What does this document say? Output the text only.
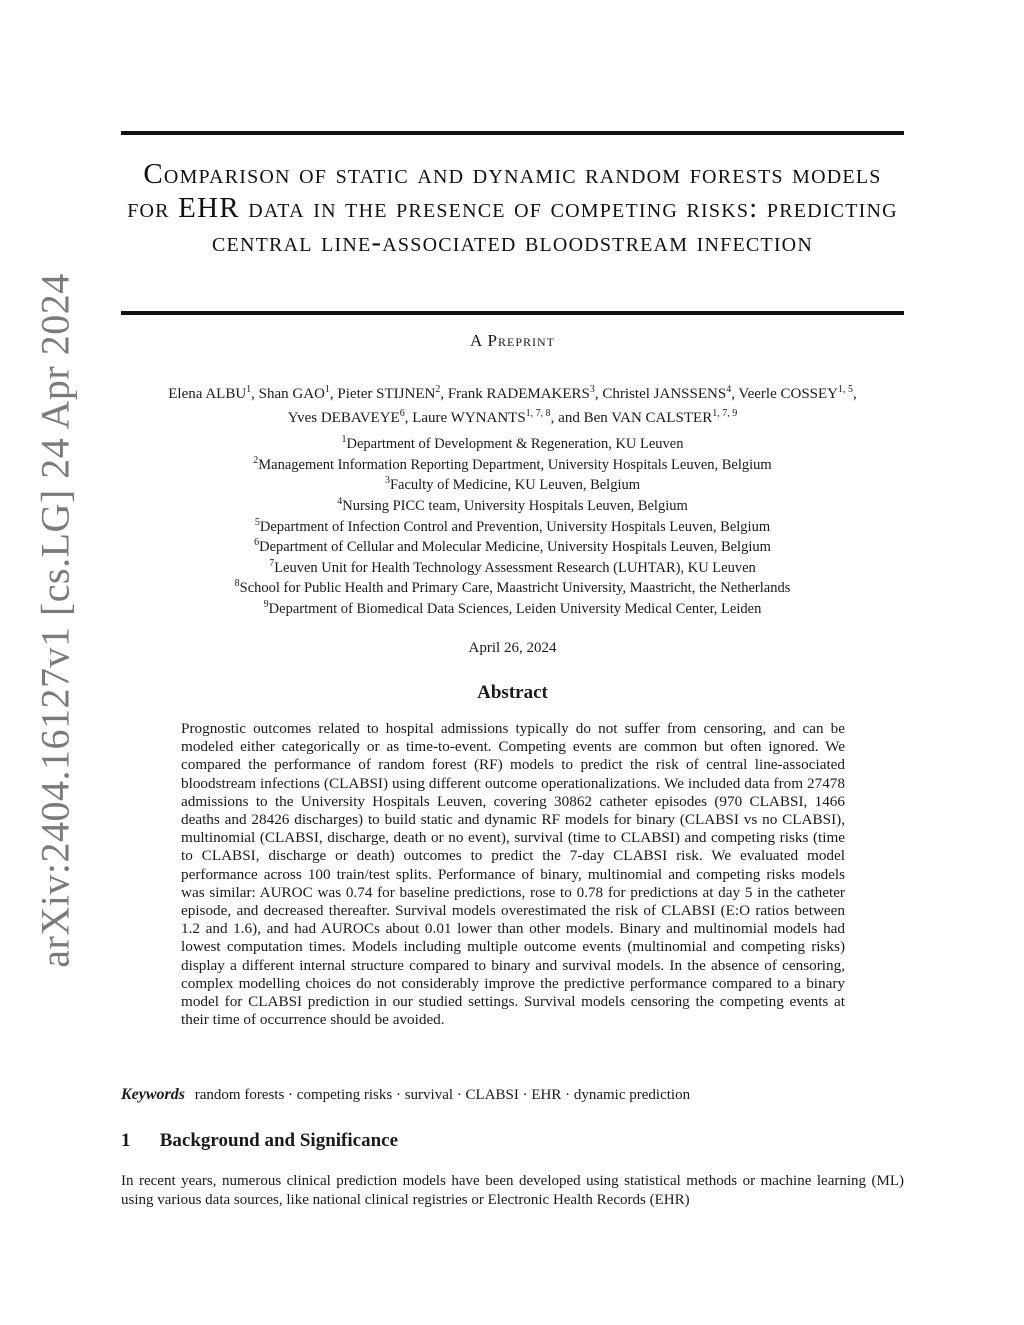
arXiv:2404.16127v1 [cs.LG] 24 Apr 2024
Comparison of static and dynamic random forests models for EHR data in the presence of competing risks: predicting central line-associated bloodstream infection
A Preprint
Elena ALBU$^1$, Shan GAO$^1$, Pieter STIJNEN$^2$, Frank RADEMAKERS$^3$, Christel JANSSENS$^4$, Veerle COSSEY$^{1, 5}$,
Yves DEBAVEYE$^6$, Laure WYNANTS$^{1, 7, 8}$, and Ben VAN CALSTER$^{1, 7, 9}$
$^1$Department of Development & Regeneration, KU Leuven
$^2$Management Information Reporting Department, University Hospitals Leuven, Belgium
$^3$Faculty of Medicine, KU Leuven, Belgium
$^4$Nursing PICC team, University Hospitals Leuven, Belgium
$^5$Department of Infection Control and Prevention, University Hospitals Leuven, Belgium
$^6$Department of Cellular and Molecular Medicine, University Hospitals Leuven, Belgium
$^7$Leuven Unit for Health Technology Assessment Research (LUHTAR), KU Leuven
$^8$School for Public Health and Primary Care, Maastricht University, Maastricht, the Netherlands
$^9$Department of Biomedical Data Sciences, Leiden University Medical Center, Leiden
April 26, 2024
Abstract
Prognostic outcomes related to hospital admissions typically do not suffer from censoring, and can be modeled either categorically or as time-to-event. Competing events are common but often ignored. We compared the performance of random forest (RF) models to predict the risk of central line-associated bloodstream infections (CLABSI) using different outcome operationalizations. We included data from 27478 admissions to the University Hospitals Leuven, covering 30862 catheter episodes (970 CLABSI, 1466 deaths and 28426 discharges) to build static and dynamic RF models for binary (CLABSI vs no CLABSI), multinomial (CLABSI, discharge, death or no event), survival (time to CLABSI) and competing risks (time to CLABSI, discharge or death) outcomes to predict the 7-day CLABSI risk. We evaluated model performance across 100 train/test splits. Performance of binary, multinomial and competing risks models was similar: AUROC was 0.74 for baseline predictions, rose to 0.78 for predictions at day 5 in the catheter episode, and decreased thereafter. Survival models overestimated the risk of CLABSI (E:O ratios between 1.2 and 1.6), and had AUROCs about 0.01 lower than other models. Binary and multinomial models had lowest computation times. Models including multiple outcome events (multinomial and competing risks) display a different internal structure compared to binary and survival models. In the absence of censoring, complex modelling choices do not considerably improve the predictive performance compared to a binary model for CLABSI prediction in our studied settings. Survival models censoring the competing events at their time of occurrence should be avoided.
Keywords random forests · competing risks · survival · CLABSI · EHR · dynamic prediction
1 Background and Significance
In recent years, numerous clinical prediction models have been developed using statistical methods or machine learning (ML) using various data sources, like national clinical registries or Electronic Health Records (EHR)
